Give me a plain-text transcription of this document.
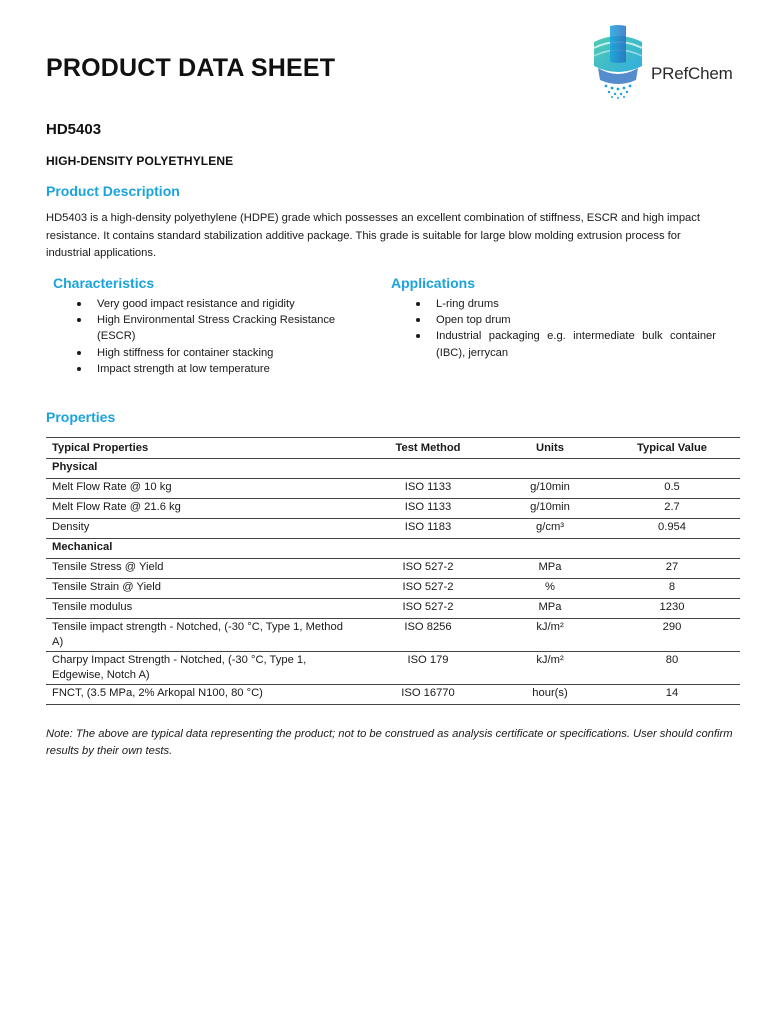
PRODUCT DATA SHEET	PRefChem
HD5403
HIGH-DENSITY POLYETHYLENE
Product Description

HD5403 is a high-density polyethylene (HDPE) grade which possesses an excellent combination of stiffness, ESCR and high impact resistance. It contains standard stabilization additive package. This grade is suitable for large blow molding extrusion process for industrial applications.

Characteristics
Very good impact resistance and rigidity
High Environmental Stress Cracking Resistance (ESCR)
High stiffness for container stacking
Impact strength at low temperature
Applications
L-ring drums
Open top drum
Industrial packaging e.g. intermediate bulk container (IBC), jerrycan
Properties
Typical Properties	Test Method	Units	Typical Value
Physical			
Melt Flow Rate @ 10 kg	ISO 1133	g/10min	0.5
Melt Flow Rate @ 21.6 kg	ISO 1133	g/10min	2.7
Density	ISO 1183	g/cm³	0.954
Mechanical			
Tensile Stress @ Yield	ISO 527-2	MPa	27
Tensile Strain @ Yield	ISO 527-2	%	8
Tensile modulus	ISO 527-2	MPa	1230
Tensile impact strength - Notched, (-30 °C, Type 1, Method A)	ISO 8256	kJ/m²	290
Charpy Impact Strength - Notched, (-30 °C, Type 1, Edgewise, Notch A)	ISO 179	kJ/m²	80
FNCT, (3.5 MPa, 2% Arkopal N100, 80 °C)	ISO 16770	hour(s)	14

Note: The above are typical data representing the product; not to be construed as analysis certificate or specifications. User should confirm results by their own tests.
